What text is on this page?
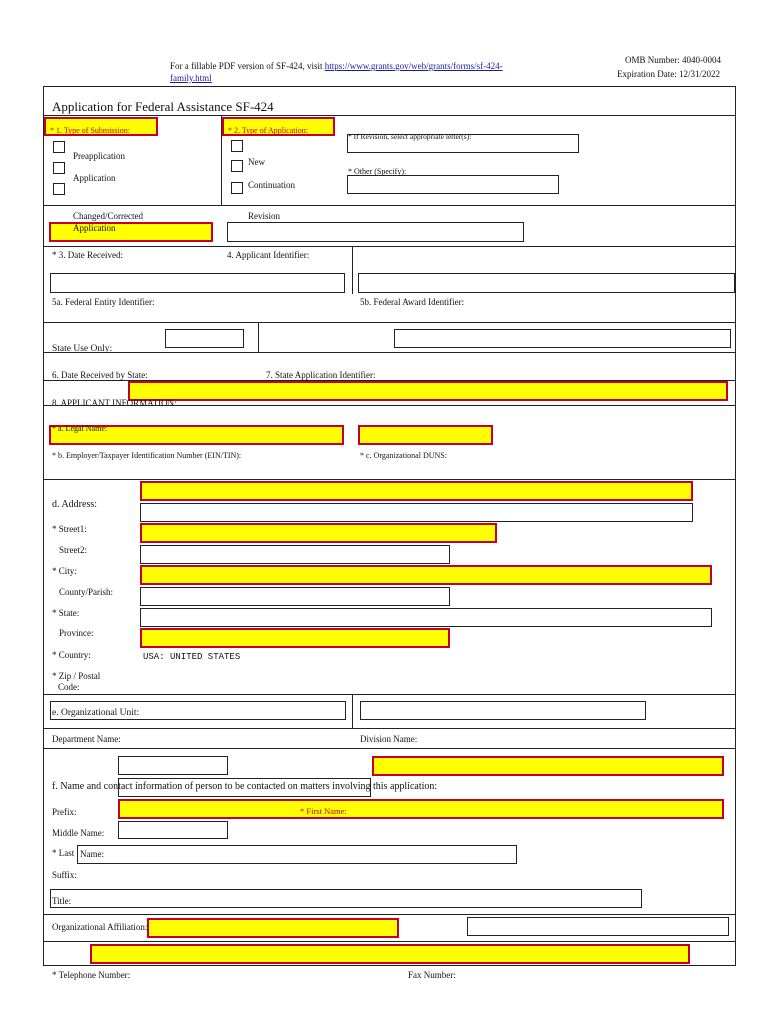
For a fillable PDF version of SF-424, visit https://www.grants.gov/web/grants/forms/sf-424-
family.html
OMB Number: 4040-0004
Expiration Date: 12/31/2022
Application for Federal Assistance SF-424
* 1. Type of Submission:
Preapplication
Application
* 2. Type of Application:
* If Revision, select appropriate letter(s):
New
* Other (Specify):
Continuation
Changed/Corrected	Revision
Application
* 3. Date Received:	4. Applicant Identifier:
5a. Federal Entity Identifier:	5b. Federal Award Identifier:
State Use Only:
6. Date Received by State:	7. State Application Identifier:
8. APPLICANT INFORMATION:
* a. Legal Name:
* b. Employer/Taxpayer Identification Number (EIN/TIN):	* c. Organizational DUNS:
d. Address:
* Street1:
Street2:
* City:
County/Parish:
* State:
Province:
* Country:	USA: UNITED STATES
* Zip / Postal
Code:
e. Organizational Unit:
Department Name:	Division Name:
f. Name and contact information of person to be contacted on matters involving this application:
Prefix:	* First Name:
Middle Name:
* Last Name:
Suffix:
Title:
Organizational Affiliation:
* Telephone Number:	Fax Number:
